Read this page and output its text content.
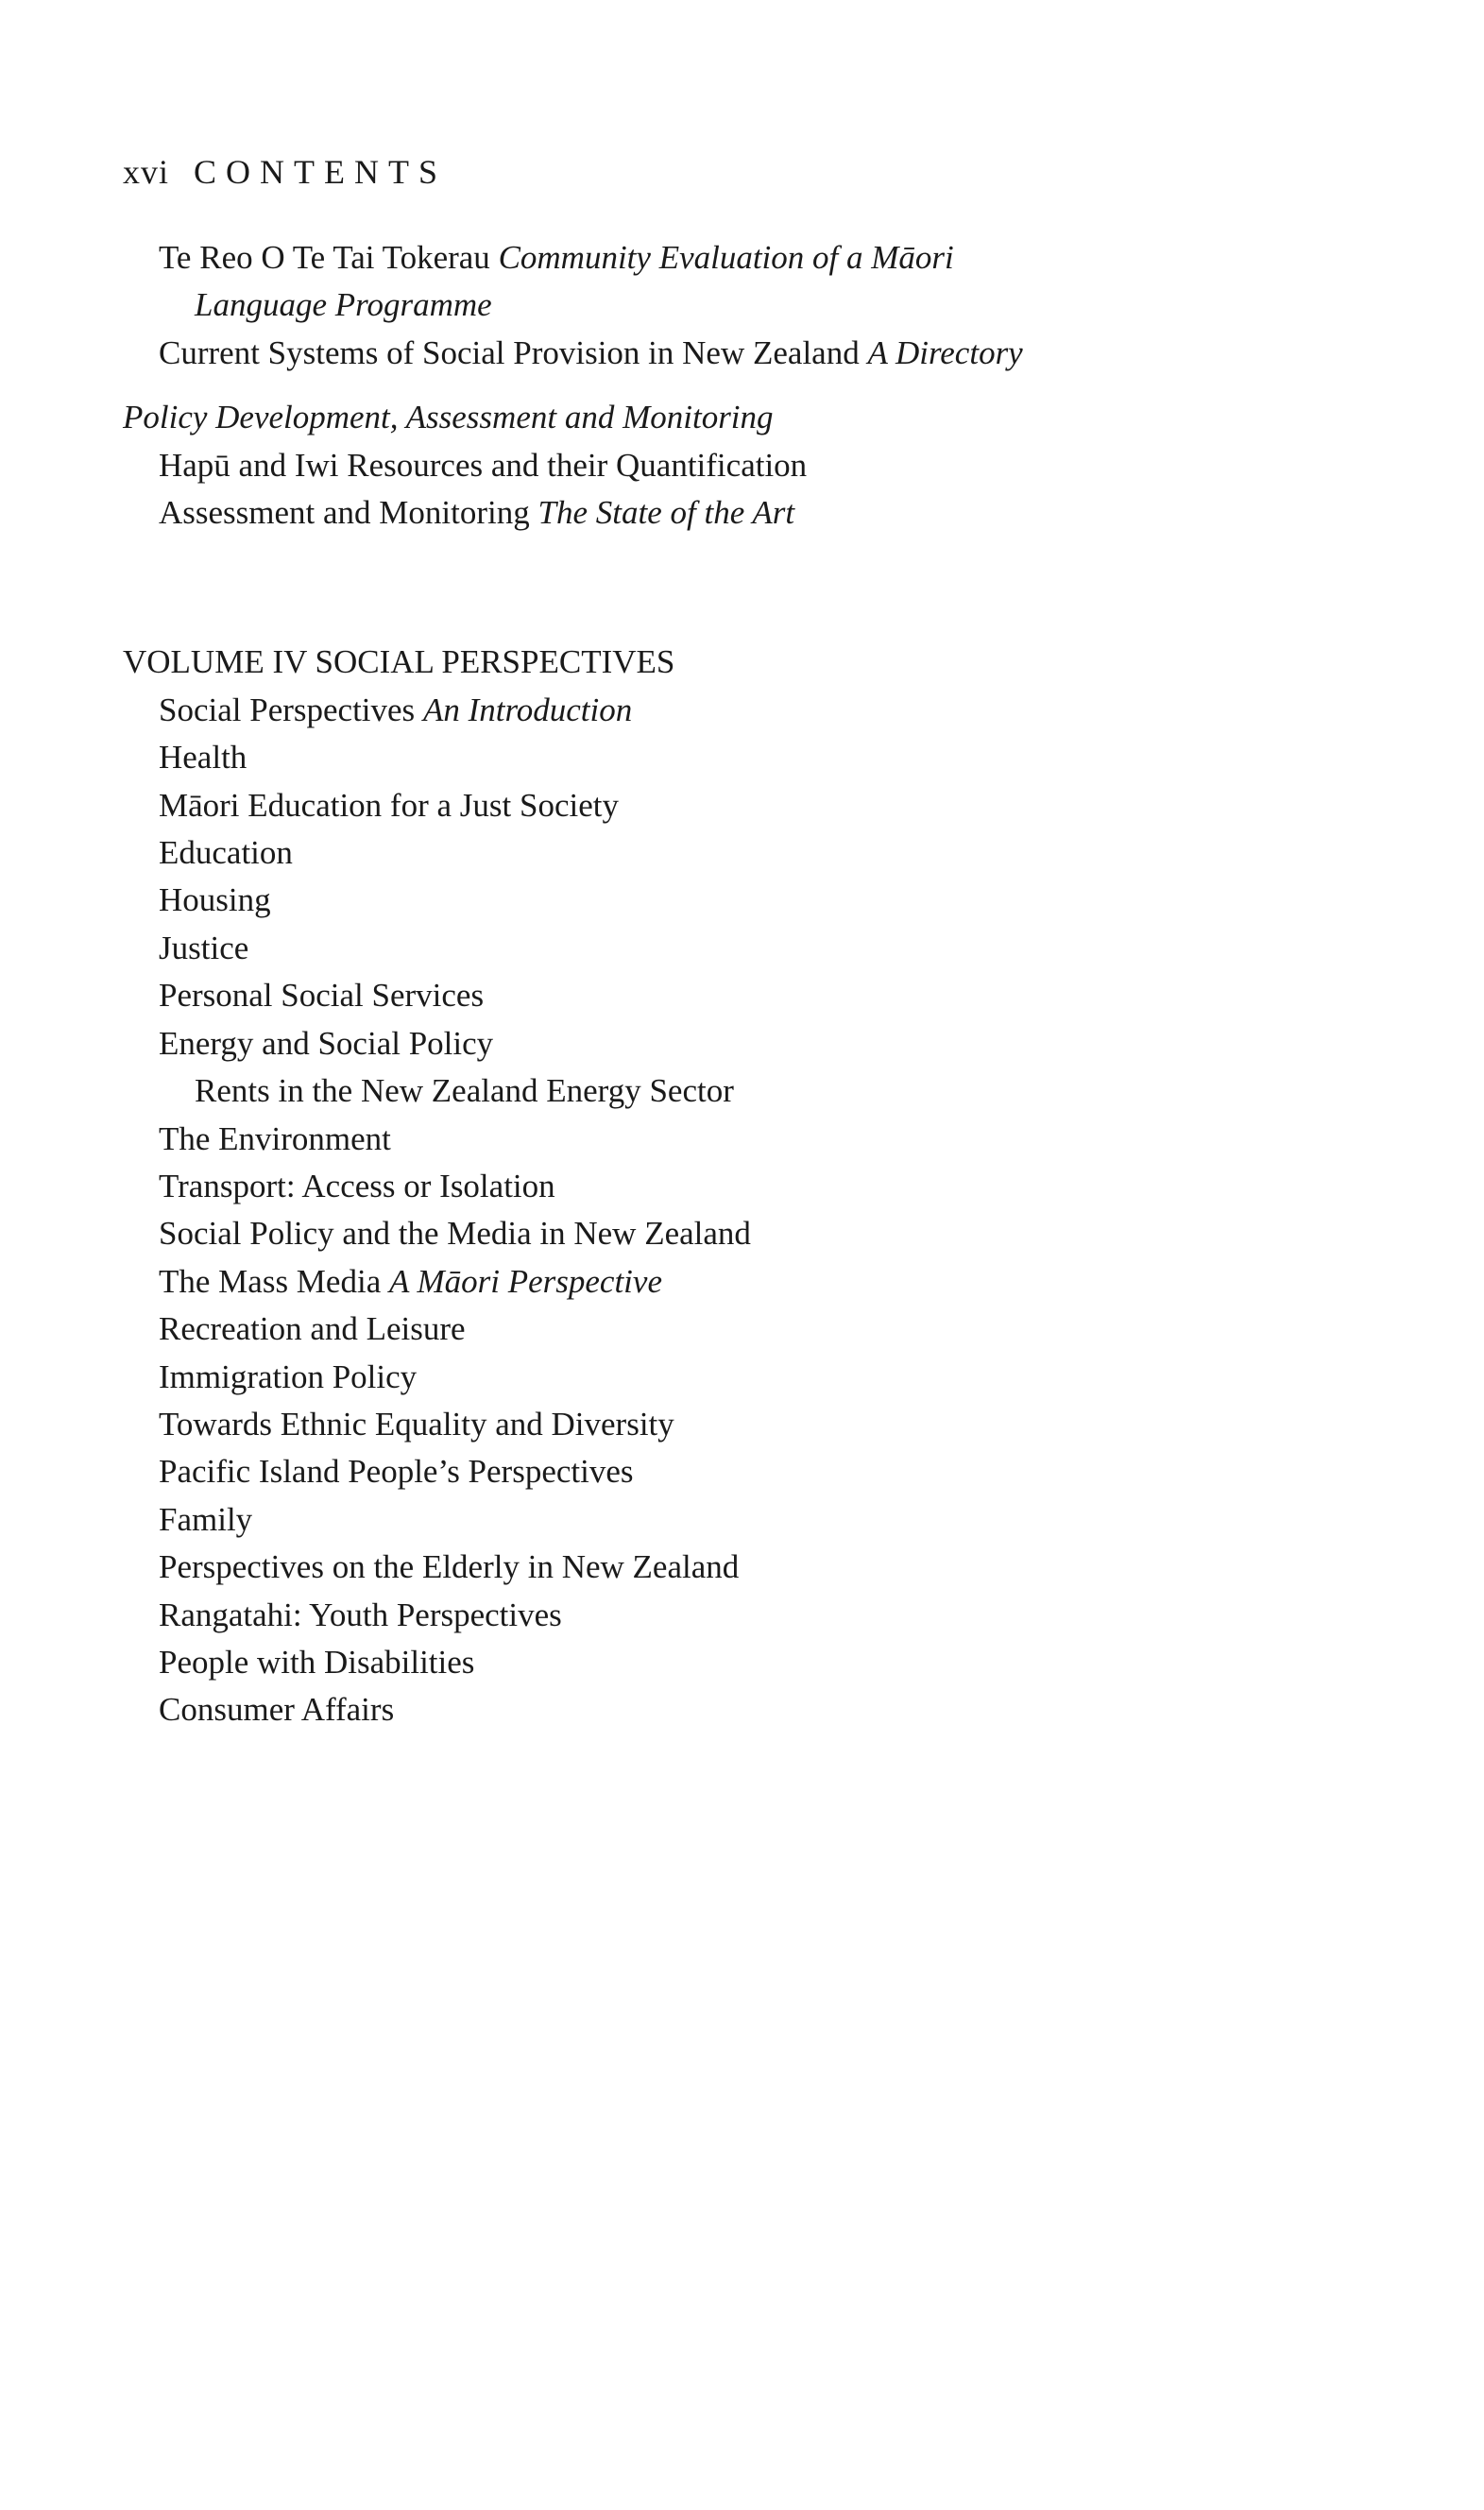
xvi CONTENTS
Te Reo O Te Tai Tokerau Community Evaluation of a Māori
Language Programme
Current Systems of Social Provision in New Zealand A Directory
Policy Development, Assessment and Monitoring
Hapū and Iwi Resources and their Quantification
Assessment and Monitoring The State of the Art
VOLUME IV SOCIAL PERSPECTIVES
Social Perspectives An Introduction
Health
Māori Education for a Just Society
Education
Housing
Justice
Personal Social Services
Energy and Social Policy
Rents in the New Zealand Energy Sector
The Environment
Transport: Access or Isolation
Social Policy and the Media in New Zealand
The Mass Media A Māori Perspective
Recreation and Leisure
Immigration Policy
Towards Ethnic Equality and Diversity
Pacific Island People’s Perspectives
Family
Perspectives on the Elderly in New Zealand
Rangatahi: Youth Perspectives
People with Disabilities
Consumer Affairs
